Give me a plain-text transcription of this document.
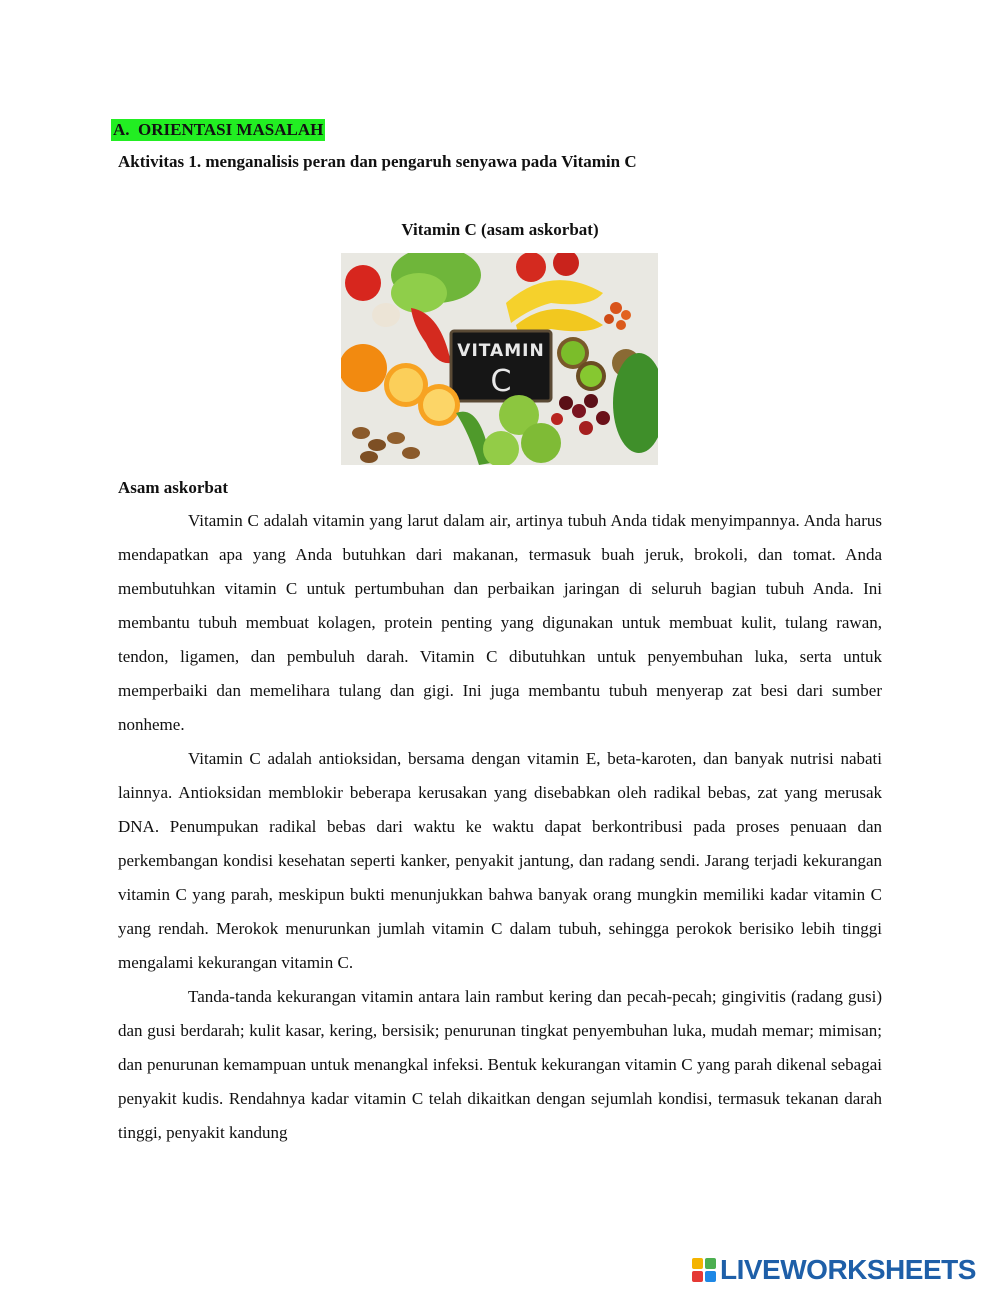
A.  ORIENTASI MASALAH
Aktivitas 1. menganalisis peran dan pengaruh senyawa pada Vitamin C
Vitamin C (asam askorbat)
VITAMIN
C
Asam askorbat

Vitamin C adalah vitamin yang larut dalam air, artinya tubuh Anda tidak menyimpannya. Anda harus mendapatkan apa yang Anda butuhkan dari makanan, termasuk buah jeruk, brokoli, dan tomat. Anda membutuhkan vitamin C untuk pertumbuhan dan perbaikan jaringan di seluruh bagian tubuh Anda. Ini membantu tubuh membuat kolagen, protein penting yang digunakan untuk membuat kulit, tulang rawan, tendon, ligamen, dan pembuluh darah. Vitamin C dibutuhkan untuk penyembuhan luka, serta untuk memperbaiki dan memelihara tulang dan gigi. Ini juga membantu tubuh menyerap zat besi dari sumber nonheme.

Vitamin C adalah antioksidan, bersama dengan vitamin E, beta-karoten, dan banyak nutrisi nabati lainnya. Antioksidan memblokir beberapa kerusakan yang disebabkan oleh radikal bebas, zat yang merusak DNA. Penumpukan radikal bebas dari waktu ke waktu dapat berkontribusi pada proses penuaan dan perkembangan kondisi kesehatan seperti kanker, penyakit jantung, dan radang sendi. Jarang terjadi kekurangan vitamin C yang parah, meskipun bukti menunjukkan bahwa banyak orang mungkin memiliki kadar vitamin C yang rendah. Merokok menurunkan jumlah vitamin C dalam tubuh, sehingga perokok berisiko lebih tinggi mengalami kekurangan vitamin C.

Tanda-tanda kekurangan vitamin antara lain rambut kering dan pecah-pecah; gingivitis (radang gusi) dan gusi berdarah; kulit kasar, kering, bersisik; penurunan tingkat penyembuhan luka, mudah memar; mimisan; dan penurunan kemampuan untuk menangkal infeksi. Bentuk kekurangan vitamin C yang parah dikenal sebagai penyakit kudis. Rendahnya kadar vitamin C telah dikaitkan dengan sejumlah kondisi, termasuk tekanan darah tinggi, penyakit kandung

LIVEWORKSHEETS
